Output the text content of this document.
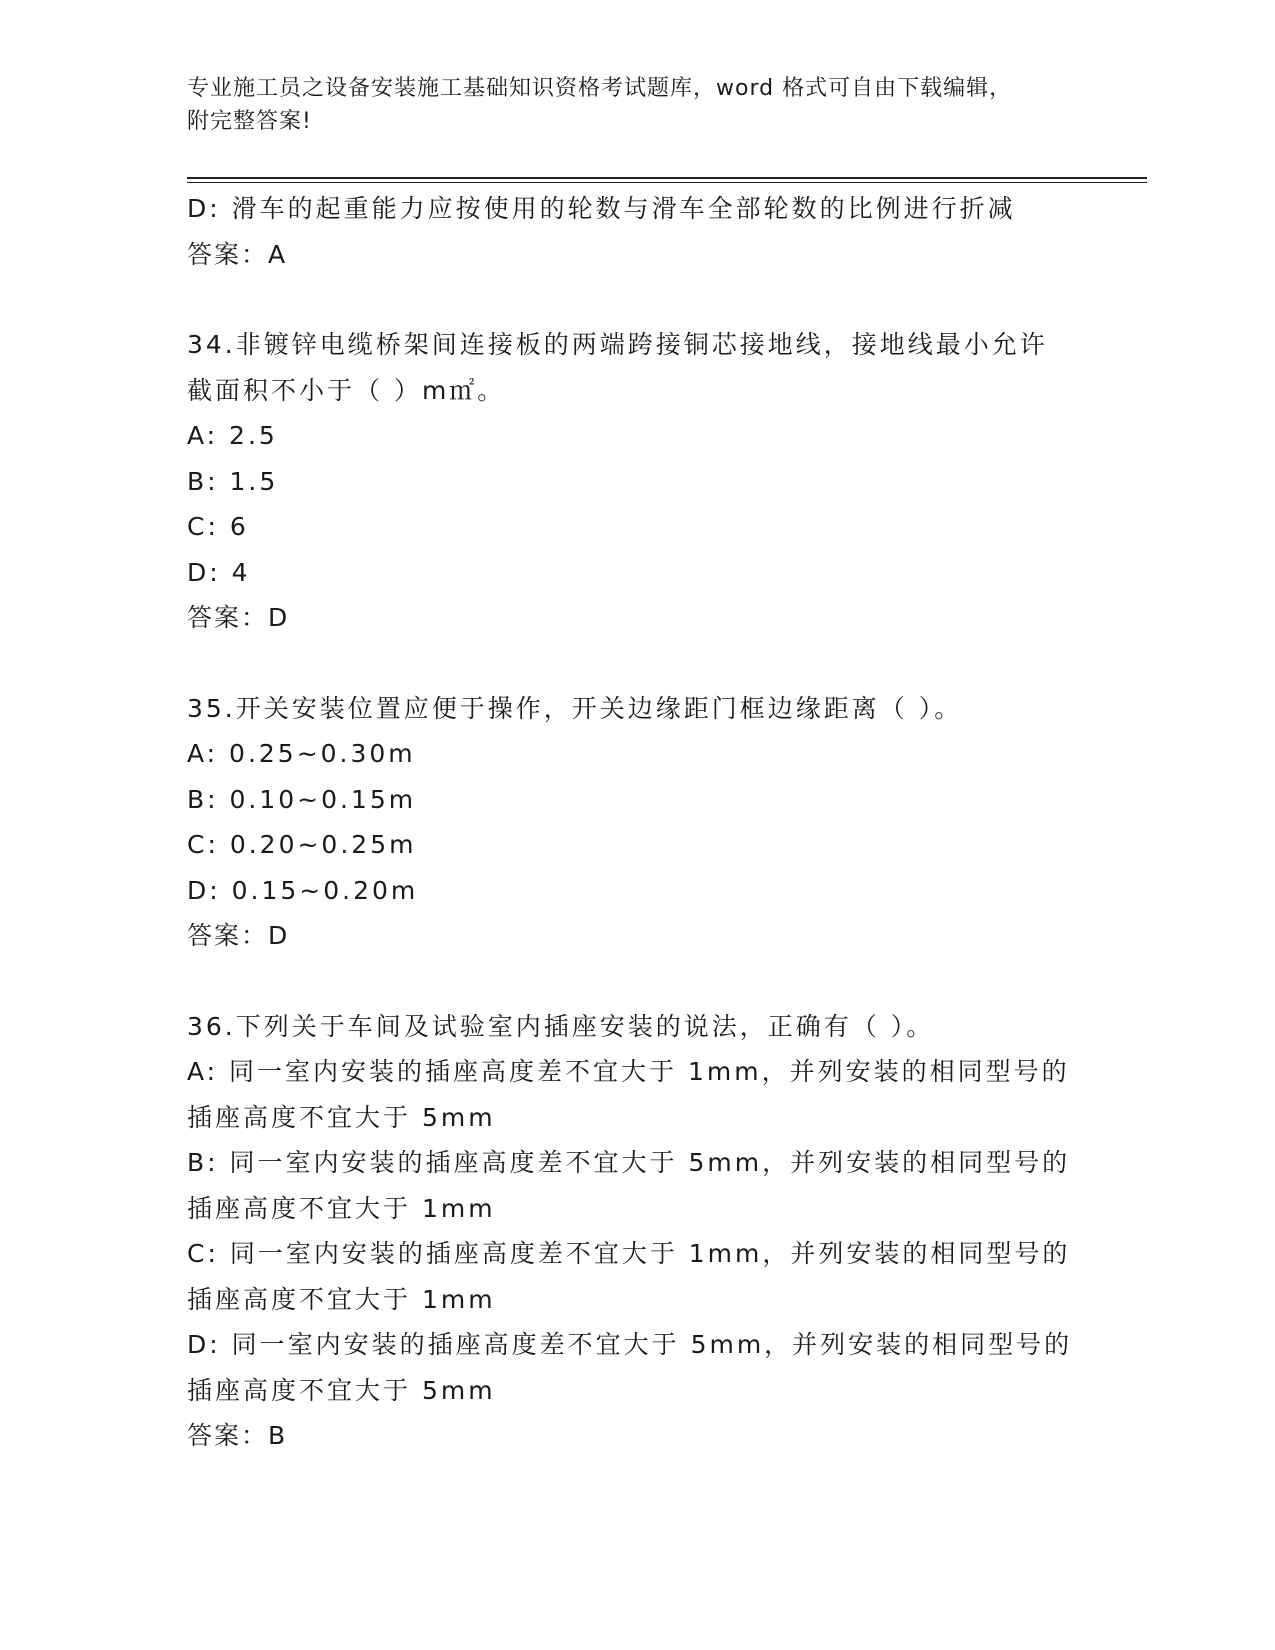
专业施工员之设备安装施工基础知识资格考试题库，word 格式可自由下载编辑，
附完整答案!
D: 滑车的起重能力应按使用的轮数与滑车全部轮数的比例进行折减
答案：A
34.非镀锌电缆桥架间连接板的两端跨接铜芯接地线，接地线最小允许
截面积不小于（ ）m㎡。
A: 2.5
B: 1.5
C: 6
D: 4
答案：D
35.开关安装位置应便于操作，开关边缘距门框边缘距离（ ）。
A: 0.25~0.30m
B: 0.10~0.15m
C: 0.20~0.25m
D: 0.15~0.20m
答案：D
36.下列关于车间及试验室内插座安装的说法，正确有（ ）。
A: 同一室内安装的插座高度差不宜大于 1mm，并列安装的相同型号的
插座高度不宜大于 5mm
B: 同一室内安装的插座高度差不宜大于 5mm，并列安装的相同型号的
插座高度不宜大于 1mm
C: 同一室内安装的插座高度差不宜大于 1mm，并列安装的相同型号的
插座高度不宜大于 1mm
D: 同一室内安装的插座高度差不宜大于 5mm，并列安装的相同型号的
插座高度不宜大于 5mm
答案：B
